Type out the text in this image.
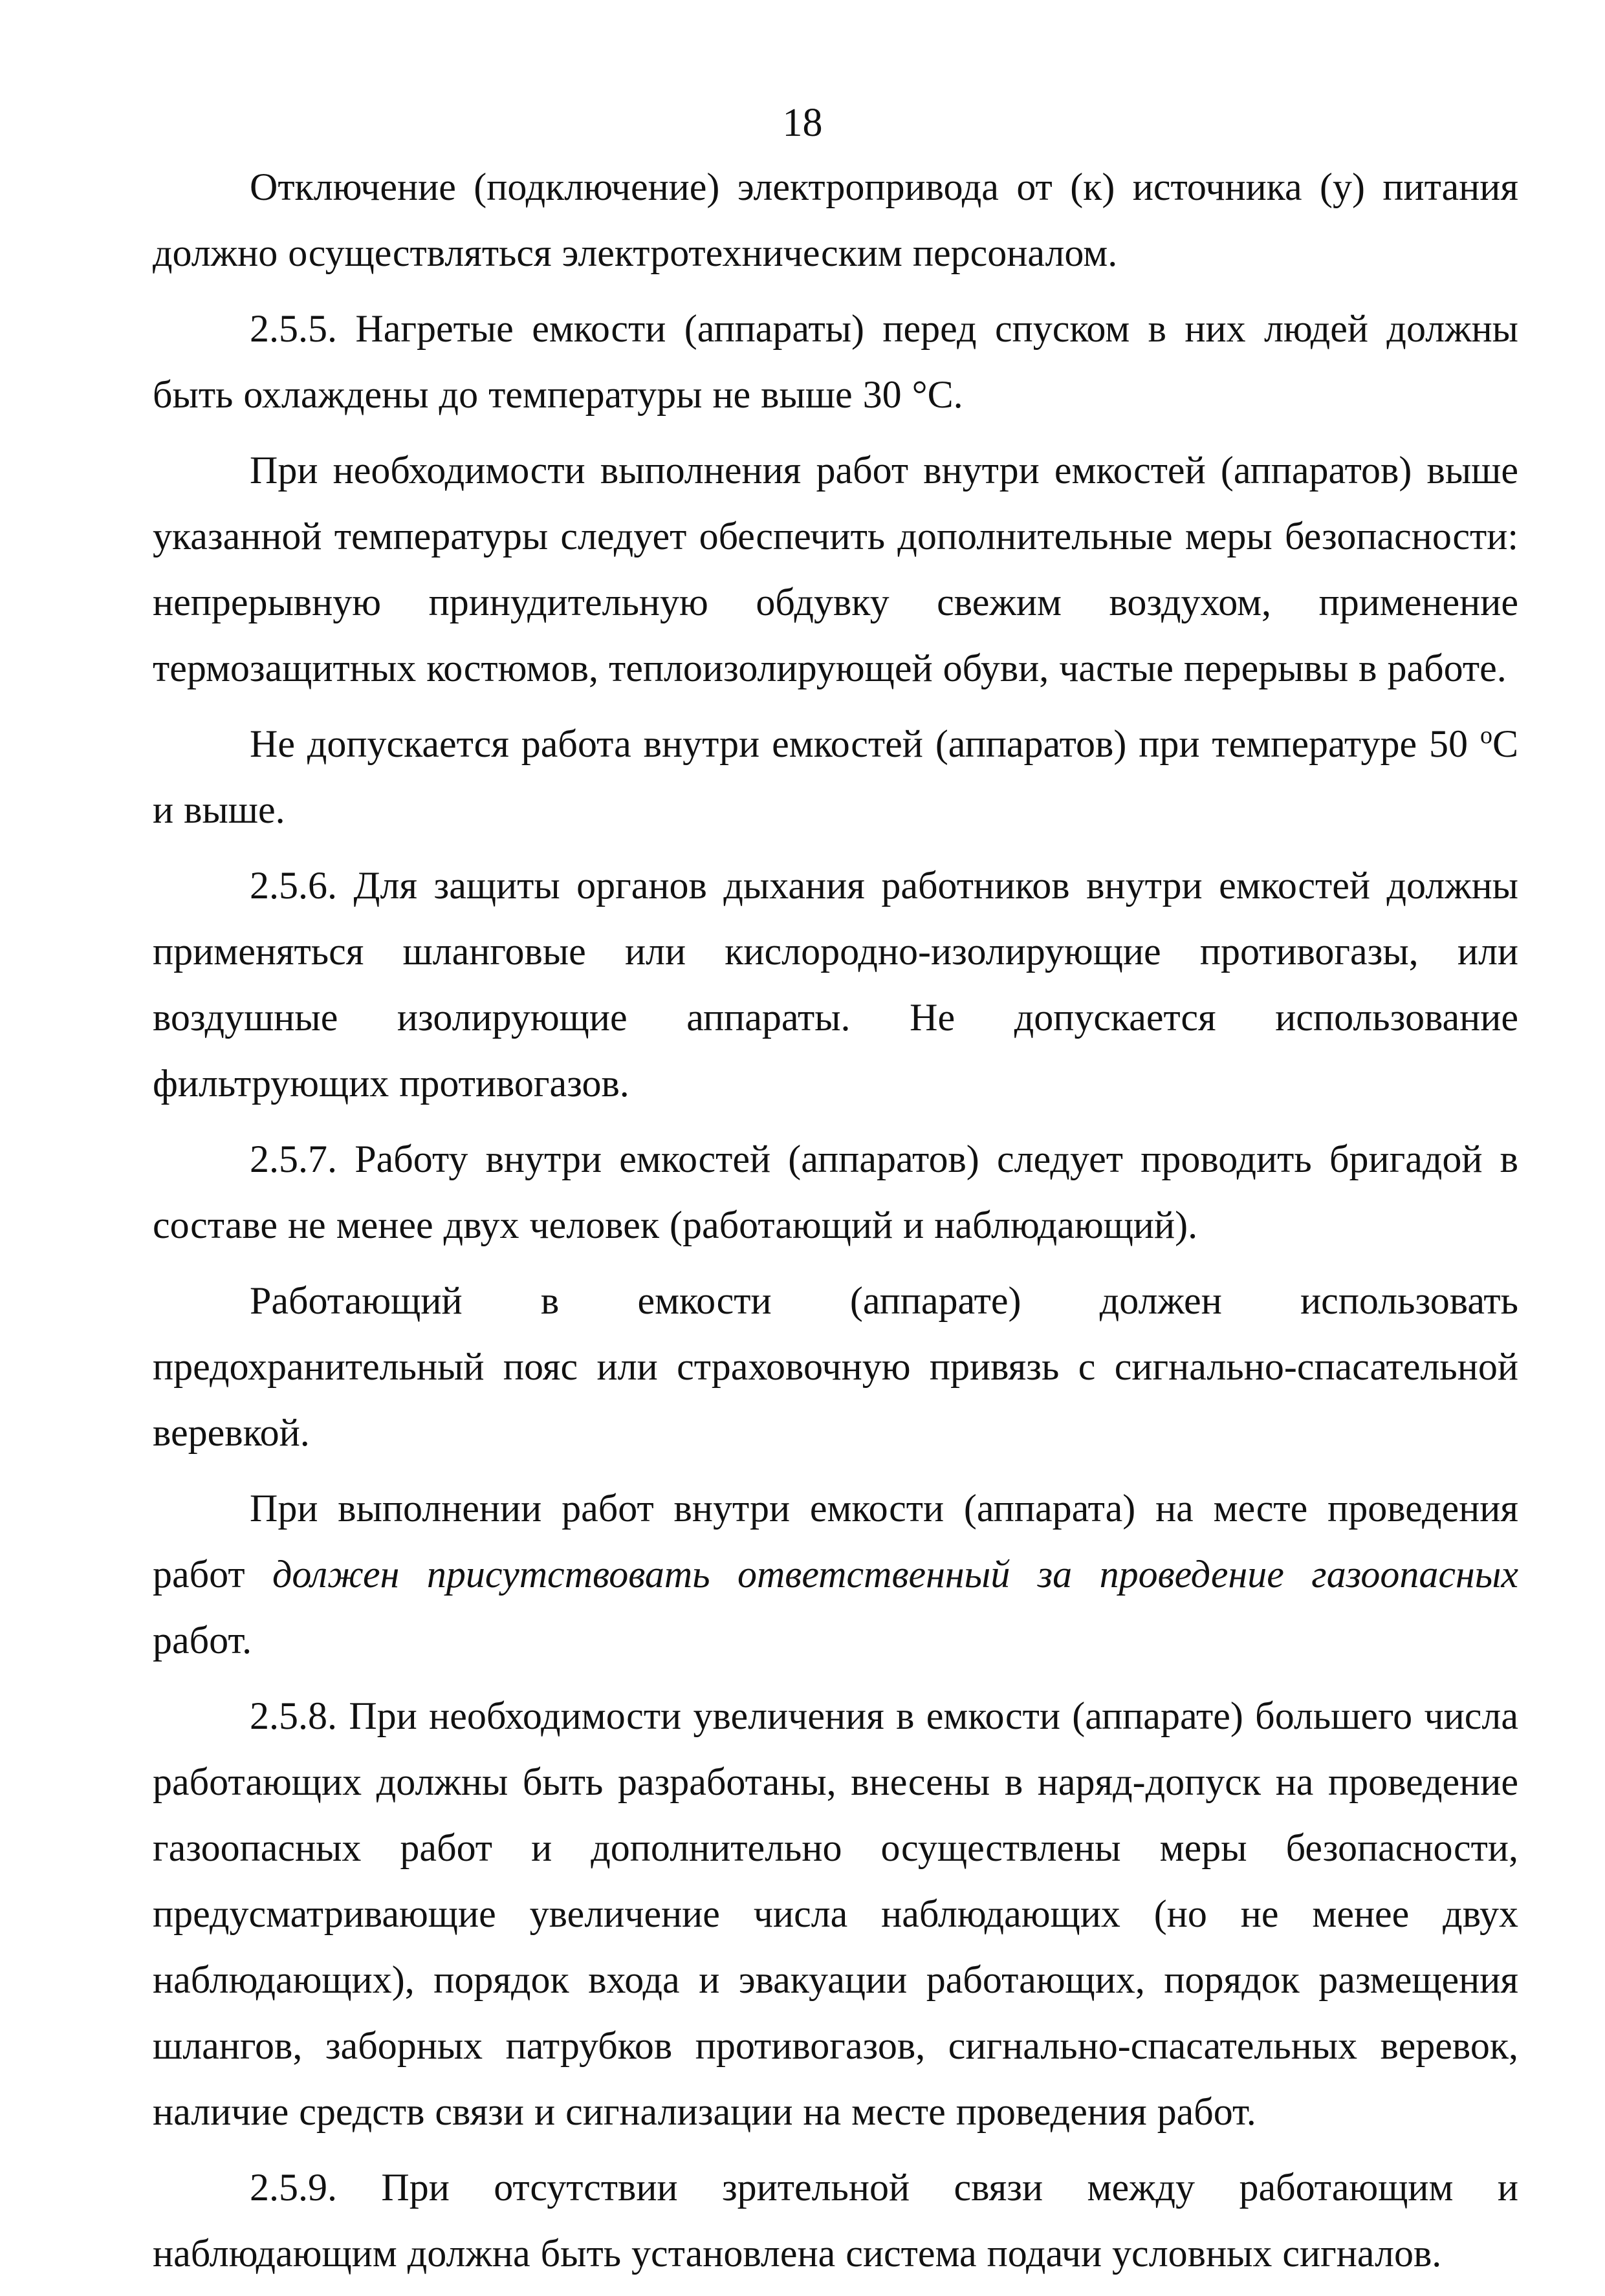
18

Отключение (подключение) электропривода от (к) источника (у) питания должно осуществляться электротехническим персоналом.

2.5.5. Нагретые емкости (аппараты) перед спуском в них людей должны быть охлаждены до температуры не выше 30 °С.

При необходимости выполнения работ внутри емкостей (аппаратов) выше указанной температуры следует обеспечить дополнительные меры безопасности: непрерывную принудительную обдувку свежим воздухом, применение термозащитных костюмов, теплоизолирующей обуви, частые перерывы в работе.

Не допускается работа внутри емкостей (аппаратов) при температуре 50 $^о$С и выше.

2.5.6. Для защиты органов дыхания работников внутри емкостей должны применяться шланговые или кислородно-изолирующие противогазы, или воздушные изолирующие аппараты. Не допускается использование фильтрующих противогазов.

2.5.7. Работу внутри емкостей (аппаратов) следует проводить бригадой в составе не менее двух человек (работающий и наблюдающий).

Работающий в емкости (аппарате) должен использовать предохранительный пояс или страховочную привязь с сигнально-спасательной веревкой.

При выполнении работ внутри емкости (аппарата) на месте проведения работ должен присутствовать ответственный за проведение газоопасных работ.

2.5.8. При необходимости увеличения в емкости (аппарате) большего числа работающих должны быть разработаны, внесены в наряд-допуск на проведение газоопасных работ и дополнительно осуществлены меры безопасности, предусматривающие увеличение числа наблюдающих (но не менее двух наблюдающих), порядок входа и эвакуации работающих, порядок размещения шлангов, заборных патрубков противогазов, сигнально-спасательных веревок, наличие средств связи и сигнализации на месте проведения работ.

2.5.9. При отсутствии зрительной связи между работающим и наблюдающим должна быть установлена система подачи условных сигналов.
